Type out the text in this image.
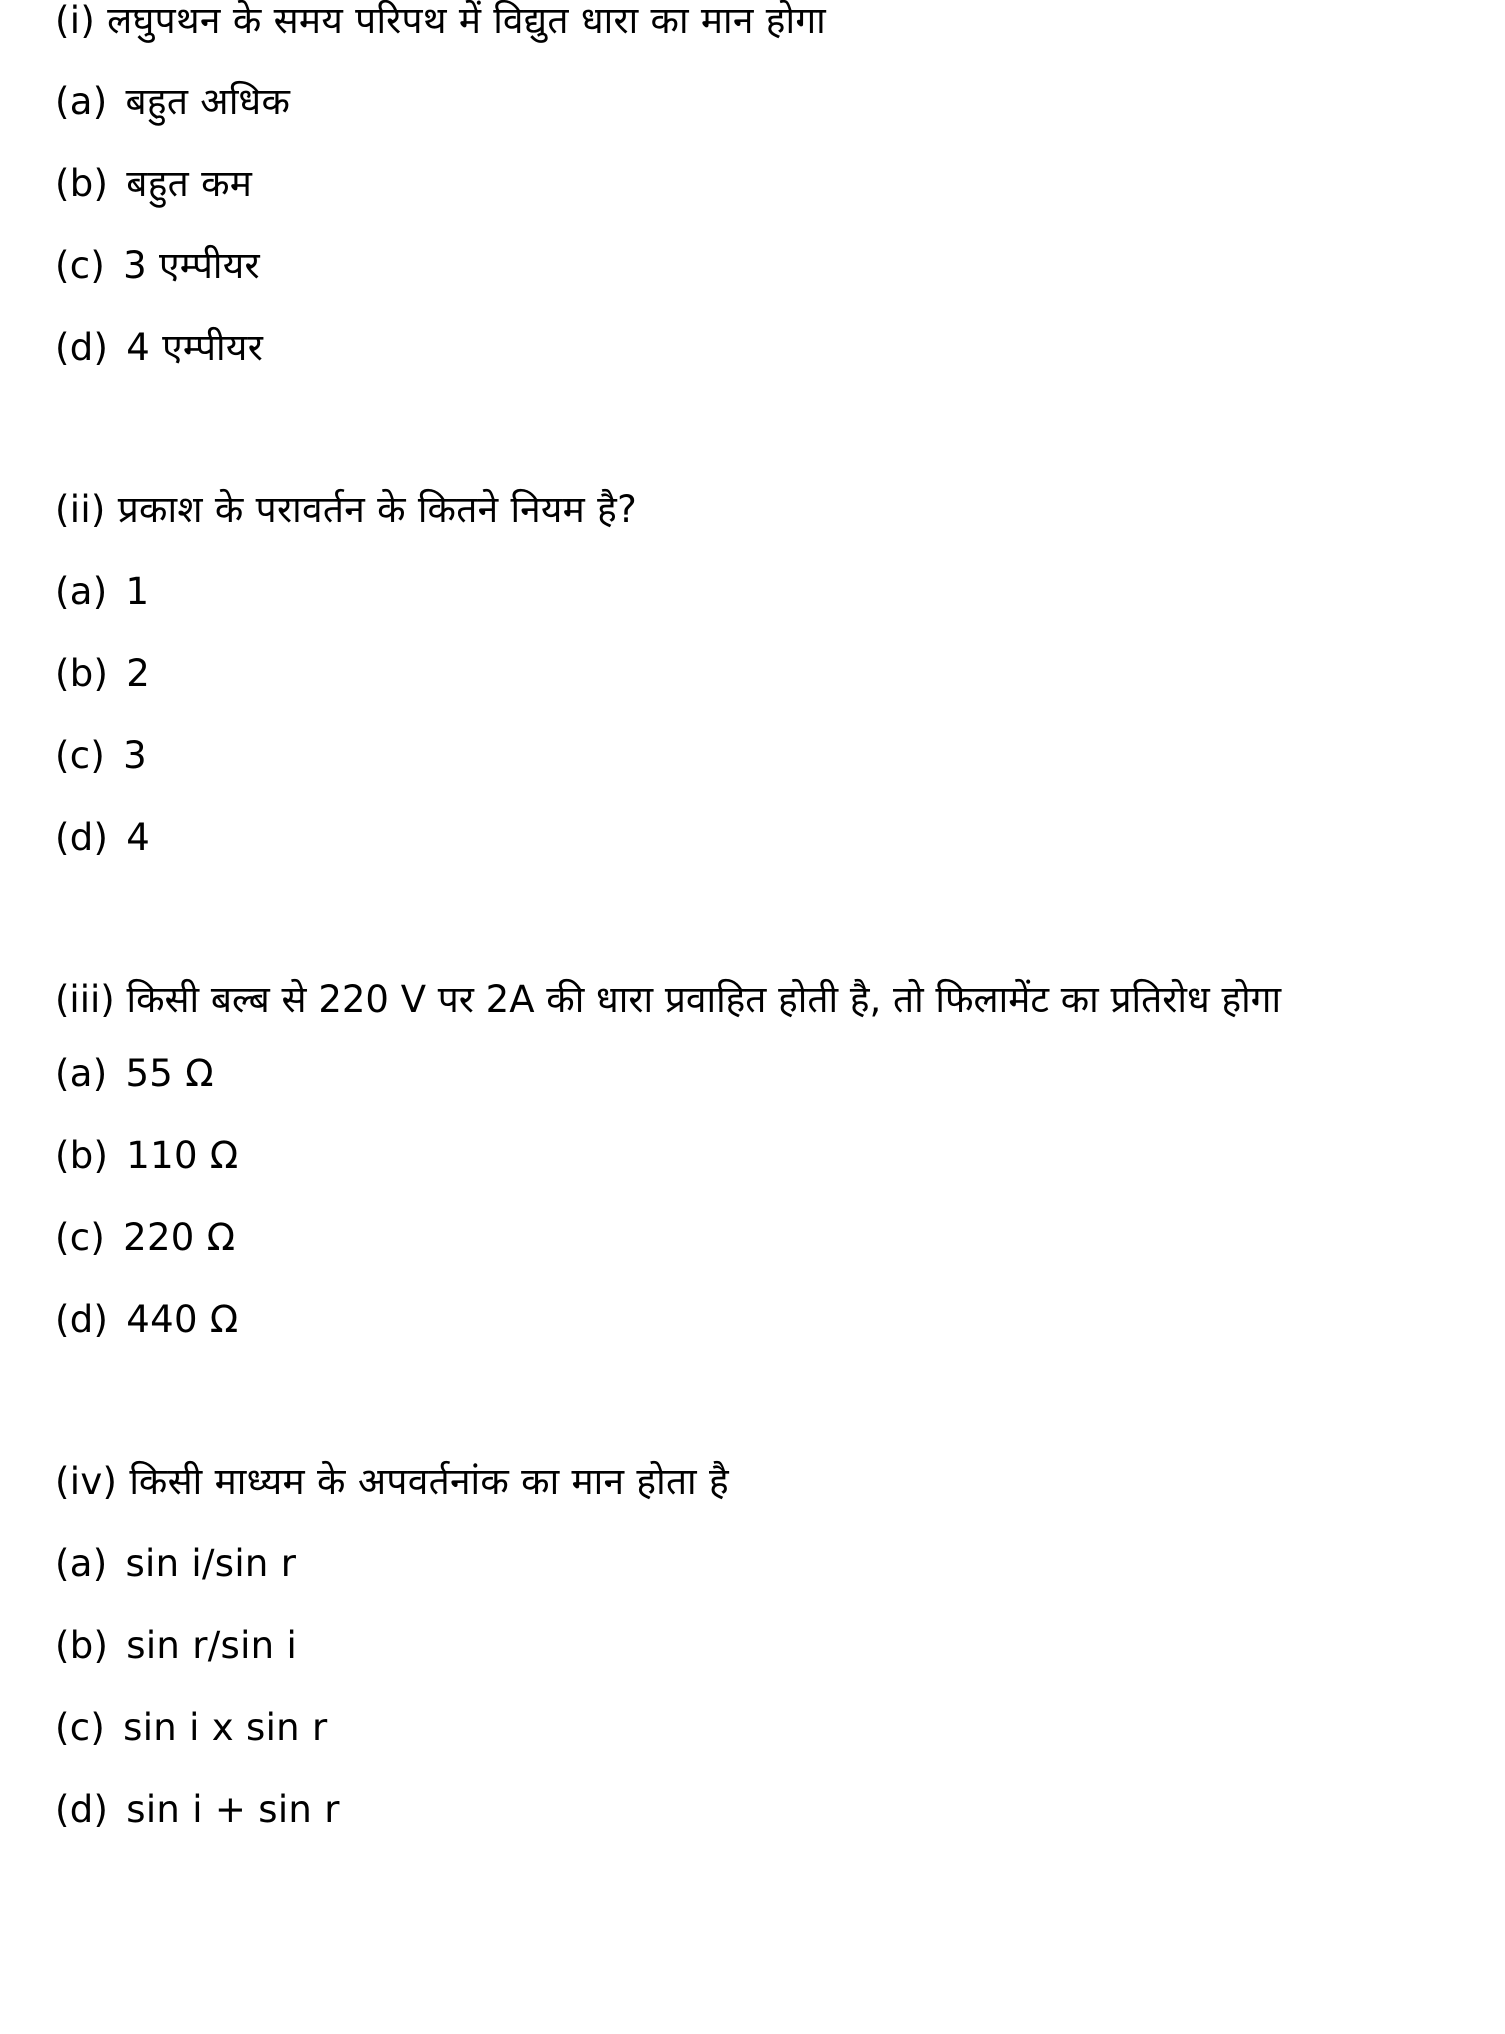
(i) लघुपथन के समय परिपथ में विद्युत धारा का मान होगा
(a) बहुत अधिक
(b) बहुत कम
(c) 3 एम्पीयर
(d) 4 एम्पीयर
(ii) प्रकाश के परावर्तन के कितने नियम है?
(a) 1
(b) 2
(c) 3
(d) 4
(iii) किसी बल्ब से 220 V पर 2A की धारा प्रवाहित होती है, तो फिलामेंट का प्रतिरोध होगा
(a) 55 Ω
(b) 110 Ω
(c) 220 Ω
(d) 440 Ω
(iv) किसी माध्यम के अपवर्तनांक का मान होता है
(a) sin i/sin r
(b) sin r/sin i
(c) sin i x sin r
(d) sin i + sin r
